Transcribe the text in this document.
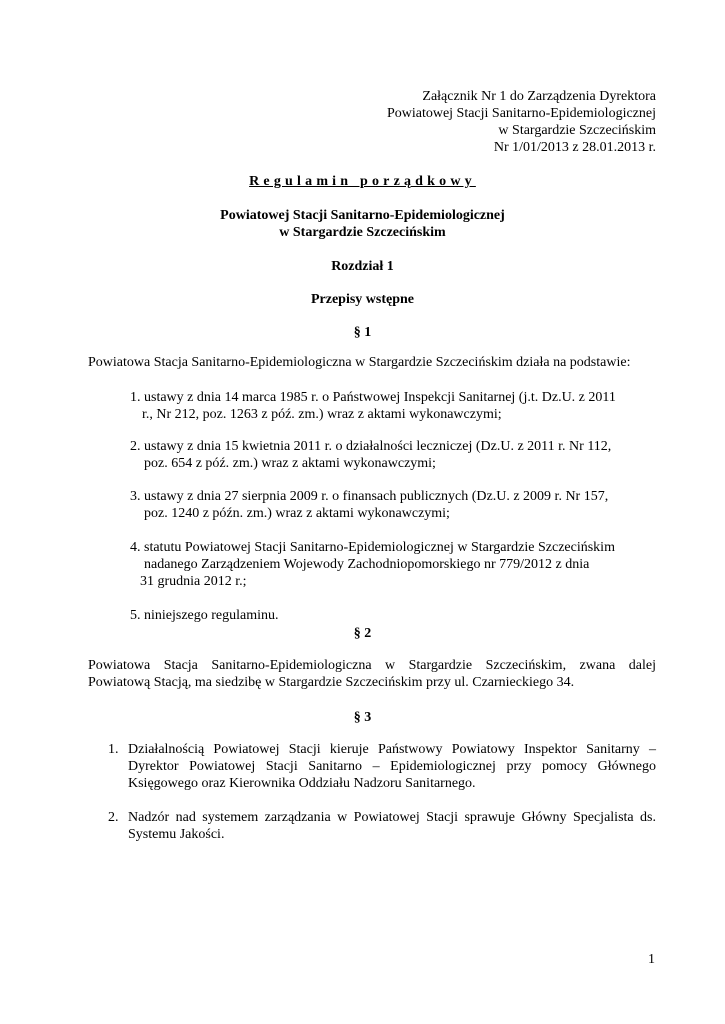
Załącznik Nr 1 do Zarządzenia Dyrektora
Powiatowej Stacji Sanitarno-Epidemiologicznej
w Stargardzie Szczecińskim
Nr 1/01/2013 z 28.01.2013 r.
Regulamin porządkowy
Powiatowej Stacji Sanitarno-Epidemiologicznej
w Stargardzie Szczecińskim
Rozdział 1
Przepisy wstępne
§ 1
Powiatowa Stacja Sanitarno-Epidemiologiczna w Stargardzie Szczecińskim działa na podstawie:
1. ustawy z dnia 14 marca 1985 r. o Państwowej Inspekcji Sanitarnej (j.t. Dz.U. z 2011
r., Nr 212, poz. 1263 z póź. zm.) wraz z aktami wykonawczymi;
2. ustawy z dnia 15 kwietnia 2011 r. o działalności leczniczej (Dz.U. z 2011 r. Nr 112,
poz. 654 z póź. zm.) wraz z aktami wykonawczymi;
3. ustawy z dnia 27 sierpnia 2009 r. o finansach publicznych (Dz.U. z 2009 r. Nr 157,
poz. 1240 z późn. zm.) wraz z aktami wykonawczymi;
4. statutu Powiatowej Stacji Sanitarno-Epidemiologicznej w Stargardzie Szczecińskim
nadanego Zarządzeniem Wojewody Zachodniopomorskiego nr 779/2012 z dnia
31 grudnia 2012 r.;
5. niniejszego regulaminu.
§ 2
Powiatowa Stacja Sanitarno-Epidemiologiczna w Stargardzie Szczecińskim, zwana dalej
Powiatową Stacją, ma siedzibę w Stargardzie Szczecińskim przy ul. Czarnieckiego 34.
§ 3
1. Działalnością Powiatowej Stacji kieruje Państwowy Powiatowy Inspektor Sanitarny –
Dyrektor Powiatowej Stacji Sanitarno – Epidemiologicznej przy pomocy Głównego
Księgowego oraz Kierownika Oddziału Nadzoru Sanitarnego.
2. Nadzór nad systemem zarządzania w Powiatowej Stacji sprawuje Główny Specjalista ds.
Systemu Jakości.
1
